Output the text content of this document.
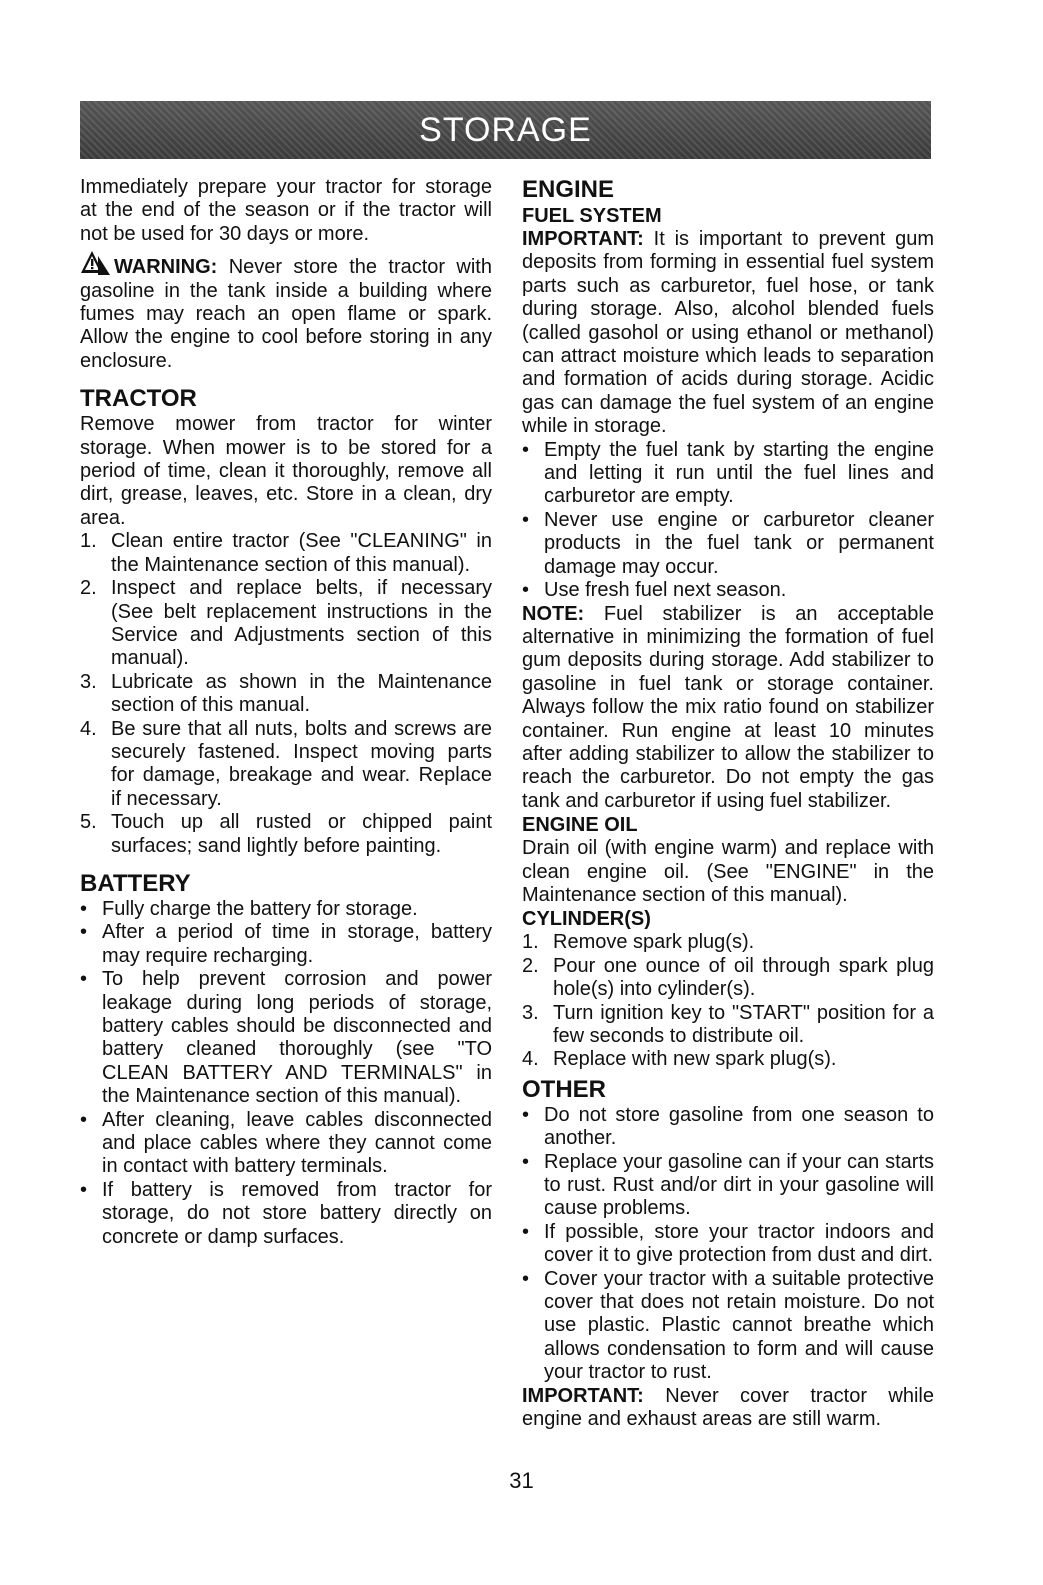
STORAGE

Immediately prepare your tractor for storage at the end of the season or if the tractor will not be used for 30 days or more.

WARNING: Never store the tractor with gasoline in the tank inside a building where fumes may reach an open flame or spark. Allow the engine to cool before storing in any enclosure.

TRACTOR

Remove mower from tractor for winter storage. When mower is to be stored for a period of time, clean it thoroughly, remove all dirt, grease, leaves, etc. Store in a clean, dry area.

1. Clean entire tractor (See "CLEANING" in the Maintenance section of this manual).
2. Inspect and replace belts, if necessary (See belt replacement instructions in the Service and Adjustments section of this manual).
3. Lubricate as shown in the Maintenance section of this manual.
4. Be sure that all nuts, bolts and screws are securely fastened. Inspect moving parts for damage, breakage and wear. Replace if necessary.
5. Touch up all rusted or chipped paint surfaces; sand lightly before painting.
BATTERY
• Fully charge the battery for storage.
• After a period of time in storage, battery may require recharging.
• To help prevent corrosion and power leakage during long periods of storage, battery cables should be disconnected and battery cleaned thoroughly (see "TO CLEAN BATTERY AND TERMINALS" in the Maintenance section of this manual).
• After cleaning, leave cables disconnected and place cables where they cannot come in contact with battery terminals.
• If battery is removed from tractor for storage, do not store battery directly on concrete or damp surfaces.
ENGINE
FUEL SYSTEM

IMPORTANT: It is important to prevent gum deposits from forming in essential fuel system parts such as carburetor, fuel hose, or tank during storage. Also, alcohol blended fuels (called gasohol or using ethanol or methanol) can attract moisture which leads to separation and formation of acids during storage. Acidic gas can damage the fuel system of an engine while in storage.

• Empty the fuel tank by starting the engine and letting it run until the fuel lines and carburetor are empty.
• Never use engine or carburetor cleaner products in the fuel tank or permanent damage may occur.
• Use fresh fuel next season.

NOTE: Fuel stabilizer is an acceptable alternative in minimizing the formation of fuel gum deposits during storage. Add stabilizer to gasoline in fuel tank or storage container. Always follow the mix ratio found on stabilizer container. Run engine at least 10 minutes after adding stabilizer to allow the stabilizer to reach the carburetor. Do not empty the gas tank and carburetor if using fuel stabilizer.

ENGINE OIL

Drain oil (with engine warm) and replace with clean engine oil. (See "ENGINE" in the Maintenance section of this manual).

CYLINDER(S)
1. Remove spark plug(s).
2. Pour one ounce of oil through spark plug hole(s) into cylinder(s).
3. Turn ignition key to "START" position for a few seconds to distribute oil.
4. Replace with new spark plug(s).
OTHER
• Do not store gasoline from one season to another.
• Replace your gasoline can if your can starts to rust. Rust and/or dirt in your gasoline will cause problems.
• If possible, store your tractor indoors and cover it to give protection from dust and dirt.
• Cover your tractor with a suitable protective cover that does not retain moisture. Do not use plastic. Plastic cannot breathe which allows condensation to form and will cause your tractor to rust.

IMPORTANT: Never cover tractor while engine and exhaust areas are still warm.

31
